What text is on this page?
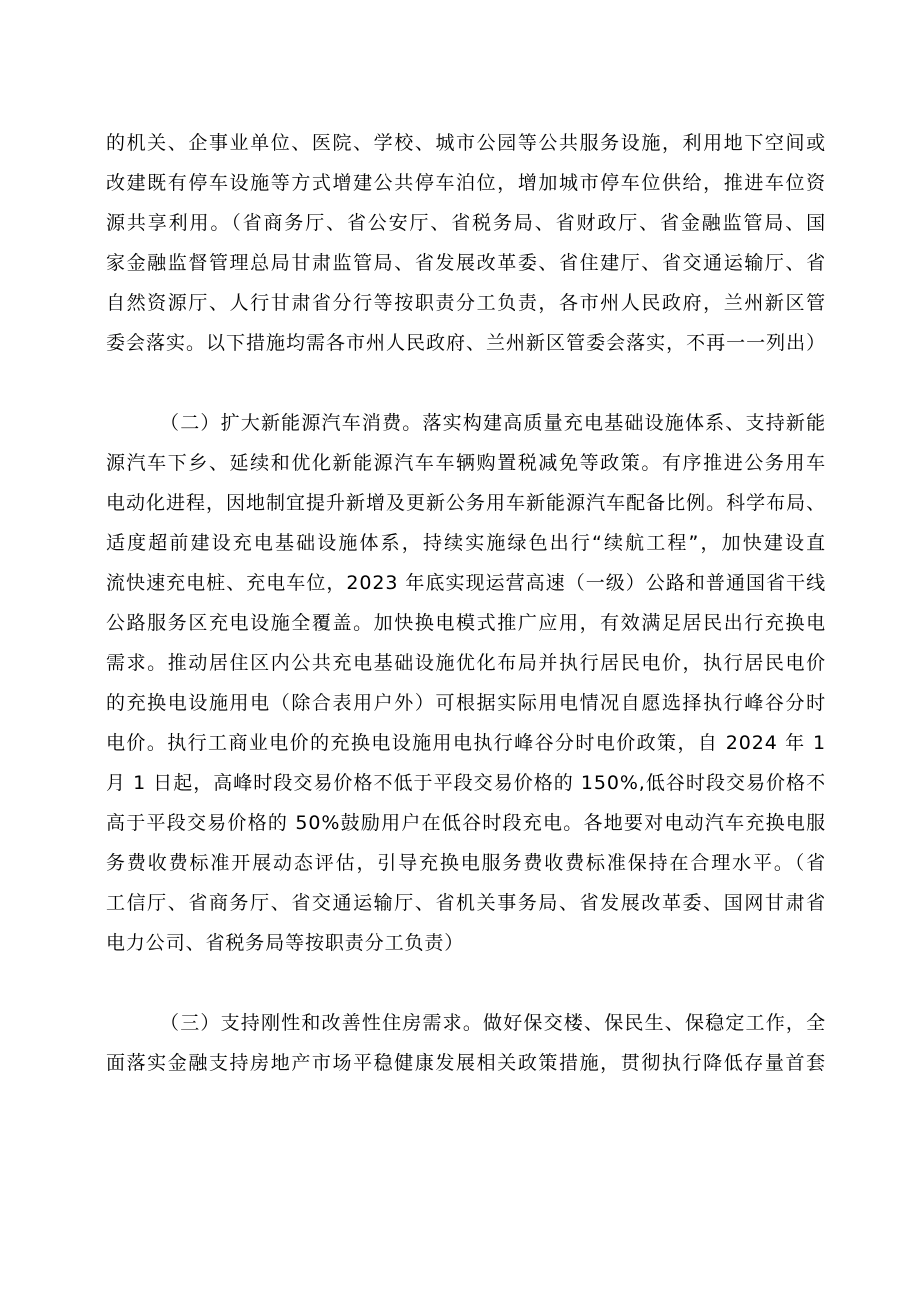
的机关、企事业单位、医院、学校、城市公园等公共服务设施，利用地下空间或
改建既有停车设施等方式增建公共停车泊位，增加城市停车位供给，推进车位资
源共享利用。（省商务厅、省公安厅、省税务局、省财政厅、省金融监管局、国
家金融监督管理总局甘肃监管局、省发展改革委、省住建厅、省交通运输厅、省
自然资源厅、人行甘肃省分行等按职责分工负责，各市州人民政府，兰州新区管
委会落实。以下措施均需各市州人民政府、兰州新区管委会落实，不再一一列出）
（二）扩大新能源汽车消费。落实构建高质量充电基础设施体系、支持新能
源汽车下乡、延续和优化新能源汽车车辆购置税减免等政策。有序推进公务用车
电动化进程，因地制宜提升新增及更新公务用车新能源汽车配备比例。科学布局、
适度超前建设充电基础设施体系，持续实施绿色出行“续航工程”，加快建设直
流快速充电桩、充电车位，2023 年底实现运营高速（一级）公路和普通国省干线
公路服务区充电设施全覆盖。加快换电模式推广应用，有效满足居民出行充换电
需求。推动居住区内公共充电基础设施优化布局并执行居民电价，执行居民电价
的充换电设施用电（除合表用户外）可根据实际用电情况自愿选择执行峰谷分时
电价。执行工商业电价的充换电设施用电执行峰谷分时电价政策，自 2024 年 1
月 1 日起，高峰时段交易价格不低于平段交易价格的 150%,低谷时段交易价格不
高于平段交易价格的 50%鼓励用户在低谷时段充电。各地要对电动汽车充换电服
务费收费标准开展动态评估，引导充换电服务费收费标准保持在合理水平。（省
工信厅、省商务厅、省交通运输厅、省机关事务局、省发展改革委、国网甘肃省
电力公司、省税务局等按职责分工负责）
（三）支持刚性和改善性住房需求。做好保交楼、保民生、保稳定工作，全
面落实金融支持房地产市场平稳健康发展相关政策措施，贯彻执行降低存量首套
